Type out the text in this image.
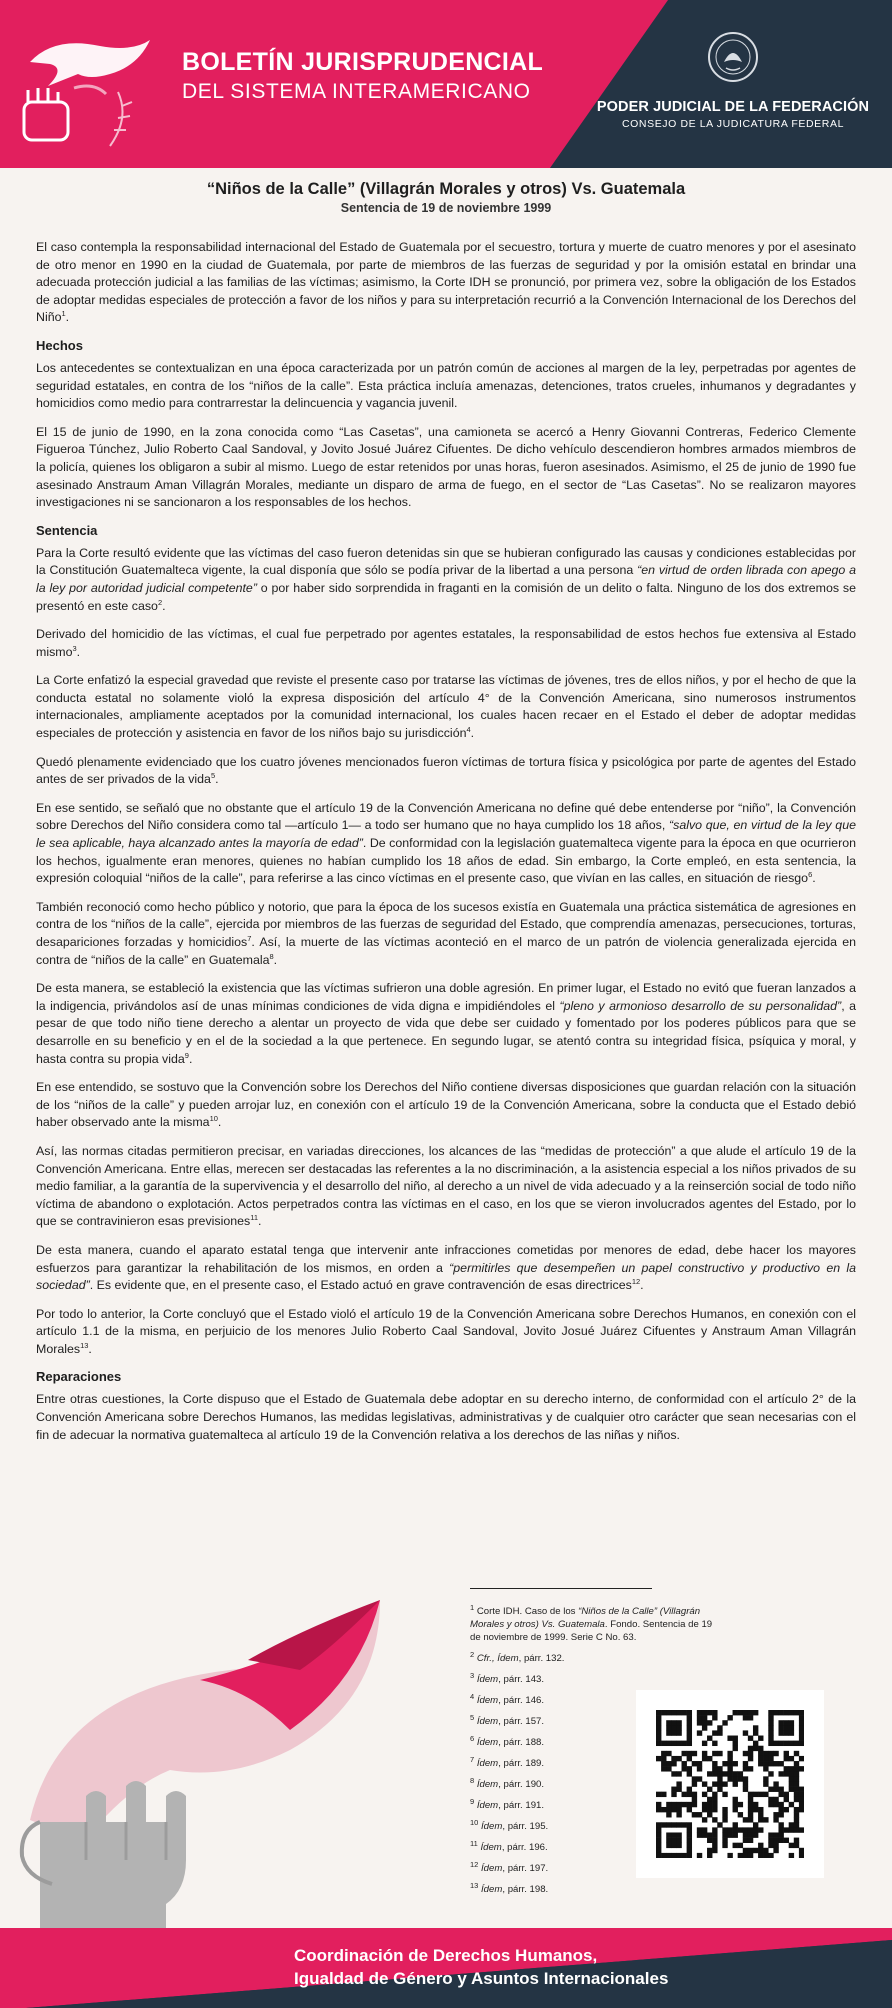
BOLETÍN JURISPRUDENCIAL
DEL SISTEMA INTERAMERICANO
PODER JUDICIAL DE LA FEDERACIÓN
CONSEJO DE LA JUDICATURA FEDERAL
“Niños de la Calle” (Villagrán Morales y otros) Vs. Guatemala
Sentencia de 19 de noviembre 1999

El caso contempla la responsabilidad internacional del Estado de Guatemala por el secuestro, tortura y muerte de cuatro menores y por el asesinato de otro menor en 1990 en la ciudad de Guatemala, por parte de miembros de las fuerzas de seguridad y por la omisión estatal en brindar una adecuada protección judicial a las familias de las víctimas; asimismo, la Corte IDH se pronunció, por primera vez, sobre la obligación de los Estados de adoptar medidas especiales de protección a favor de los niños y para su interpretación recurrió a la Convención Internacional de los Derechos del Niño$^1$.

Hechos

Los antecedentes se contextualizan en una época caracterizada por un patrón común de acciones al margen de la ley, perpetradas por agentes de seguridad estatales, en contra de los “niños de la calle”. Esta práctica incluía amenazas, detenciones, tratos crueles, inhumanos y degradantes y homicidios como medio para contrarrestar la delincuencia y vagancia juvenil.

El 15 de junio de 1990, en la zona conocida como “Las Casetas”, una camioneta se acercó a Henry Giovanni Contreras, Federico Clemente Figueroa Túnchez, Julio Roberto Caal Sandoval, y Jovito Josué Juárez Cifuentes. De dicho vehículo descendieron hombres armados miembros de la policía, quienes los obligaron a subir al mismo. Luego de estar retenidos por unas horas, fueron asesinados. Asimismo, el 25 de junio de 1990 fue asesinado Anstraum Aman Villagrán Morales, mediante un disparo de arma de fuego, en el sector de “Las Casetas”. No se realizaron mayores investigaciones ni se sancionaron a los responsables de los hechos.

Sentencia

Para la Corte resultó evidente que las víctimas del caso fueron detenidas sin que se hubieran configurado las causas y condiciones establecidas por la Constitución Guatemalteca vigente, la cual disponía que sólo se podía privar de la libertad a una persona “en virtud de orden librada con apego a la ley por autoridad judicial competente” o por haber sido sorprendida in fraganti en la comisión de un delito o falta. Ninguno de los dos extremos se presentó en este caso$^2$.

Derivado del homicidio de las víctimas, el cual fue perpetrado por agentes estatales, la responsabilidad de estos hechos fue extensiva al Estado mismo$^3$.

La Corte enfatizó la especial gravedad que reviste el presente caso por tratarse las víctimas de jóvenes, tres de ellos niños, y por el hecho de que la conducta estatal no solamente violó la expresa disposición del artículo 4° de la Convención Americana, sino numerosos instrumentos internacionales, ampliamente aceptados por la comunidad internacional, los cuales hacen recaer en el Estado el deber de adoptar medidas especiales de protección y asistencia en favor de los niños bajo su jurisdicción$^4$.

Quedó plenamente evidenciado que los cuatro jóvenes mencionados fueron víctimas de tortura física y psicológica por parte de agentes del Estado antes de ser privados de la vida$^5$.

En ese sentido, se señaló que no obstante que el artículo 19 de la Convención Americana no define qué debe entenderse por “niño”, la Convención sobre Derechos del Niño considera como tal —artículo 1— a todo ser humano que no haya cumplido los 18 años, “salvo que, en virtud de la ley que le sea aplicable, haya alcanzado antes la mayoría de edad”. De conformidad con la legislación guatemalteca vigente para la época en que ocurrieron los hechos, igualmente eran menores, quienes no habían cumplido los 18 años de edad. Sin embargo, la Corte empleó, en esta sentencia, la expresión coloquial “niños de la calle”, para referirse a las cinco víctimas en el presente caso, que vivían en las calles, en situación de riesgo$^6$.

También reconoció como hecho público y notorio, que para la época de los sucesos existía en Guatemala una práctica sistemática de agresiones en contra de los “niños de la calle”, ejercida por miembros de las fuerzas de seguridad del Estado, que comprendía amenazas, persecuciones, torturas, desapariciones forzadas y homicidios$^7$. Así, la muerte de las víctimas aconteció en el marco de un patrón de violencia generalizada ejercida en contra de “niños de la calle” en Guatemala$^8$.

De esta manera, se estableció la existencia que las víctimas sufrieron una doble agresión. En primer lugar, el Estado no evitó que fueran lanzados a la indigencia, privándolos así de unas mínimas condiciones de vida digna e impidiéndoles el “pleno y armonioso desarrollo de su personalidad”, a pesar de que todo niño tiene derecho a alentar un proyecto de vida que debe ser cuidado y fomentado por los poderes públicos para que se desarrolle en su beneficio y en el de la sociedad a la que pertenece. En segundo lugar, se atentó contra su integridad física, psíquica y moral, y hasta contra su propia vida$^9$.

En ese entendido, se sostuvo que la Convención sobre los Derechos del Niño contiene diversas disposiciones que guardan relación con la situación de los “niños de la calle” y pueden arrojar luz, en conexión con el artículo 19 de la Convención Americana, sobre la conducta que el Estado debió haber observado ante la misma$^{10}$.

Así, las normas citadas permitieron precisar, en variadas direcciones, los alcances de las “medidas de protección” a que alude el artículo 19 de la Convención Americana. Entre ellas, merecen ser destacadas las referentes a la no discriminación, a la asistencia especial a los niños privados de su medio familiar, a la garantía de la supervivencia y el desarrollo del niño, al derecho a un nivel de vida adecuado y a la reinserción social de todo niño víctima de abandono o explotación. Actos perpetrados contra las víctimas en el caso, en los que se vieron involucrados agentes del Estado, por lo que se contravinieron esas previsiones$^{11}$.

De esta manera, cuando el aparato estatal tenga que intervenir ante infracciones cometidas por menores de edad, debe hacer los mayores esfuerzos para garantizar la rehabilitación de los mismos, en orden a “permitirles que desempeñen un papel constructivo y productivo en la sociedad”. Es evidente que, en el presente caso, el Estado actuó en grave contravención de esas directrices$^{12}$.

Por todo lo anterior, la Corte concluyó que el Estado violó el artículo 19 de la Convención Americana sobre Derechos Humanos, en conexión con el artículo 1.1 de la misma, en perjuicio de los menores Julio Roberto Caal Sandoval, Jovito Josué Juárez Cifuentes y Anstraum Aman Villagrán Morales$^{13}$.

Reparaciones

Entre otras cuestiones, la Corte dispuso que el Estado de Guatemala debe adoptar en su derecho interno, de conformidad con el artículo 2° de la Convención Americana sobre Derechos Humanos, las medidas legislativas, administrativas y de cualquier otro carácter que sean necesarias con el fin de adecuar la normativa guatemalteca al artículo 19 de la Convención relativa a los derechos de las niñas y niños.

$^1$ Corte IDH. Caso de los “Niños de la Calle” (Villagrán Morales y otros) Vs. Guatemala. Fondo. Sentencia de 19 de noviembre de 1999. Serie C No. 63.
$^2$ Cfr., Ídem, párr. 132.
$^3$ Ídem, párr. 143.
$^4$ Ídem, párr. 146.
$^5$ Ídem, párr. 157.
$^6$ Ídem, párr. 188.
$^7$ Ídem, párr. 189.
$^8$ Ídem, párr. 190.
$^9$ Ídem, párr. 191.
$^{10}$ Ídem, párr. 195.
$^{11}$ Ídem, párr. 196.
$^{12}$ Ídem, párr. 197.
$^{13}$ Ídem, párr. 198.
Coordinación de Derechos Humanos,
Igualdad de Género y Asuntos Internacionales
